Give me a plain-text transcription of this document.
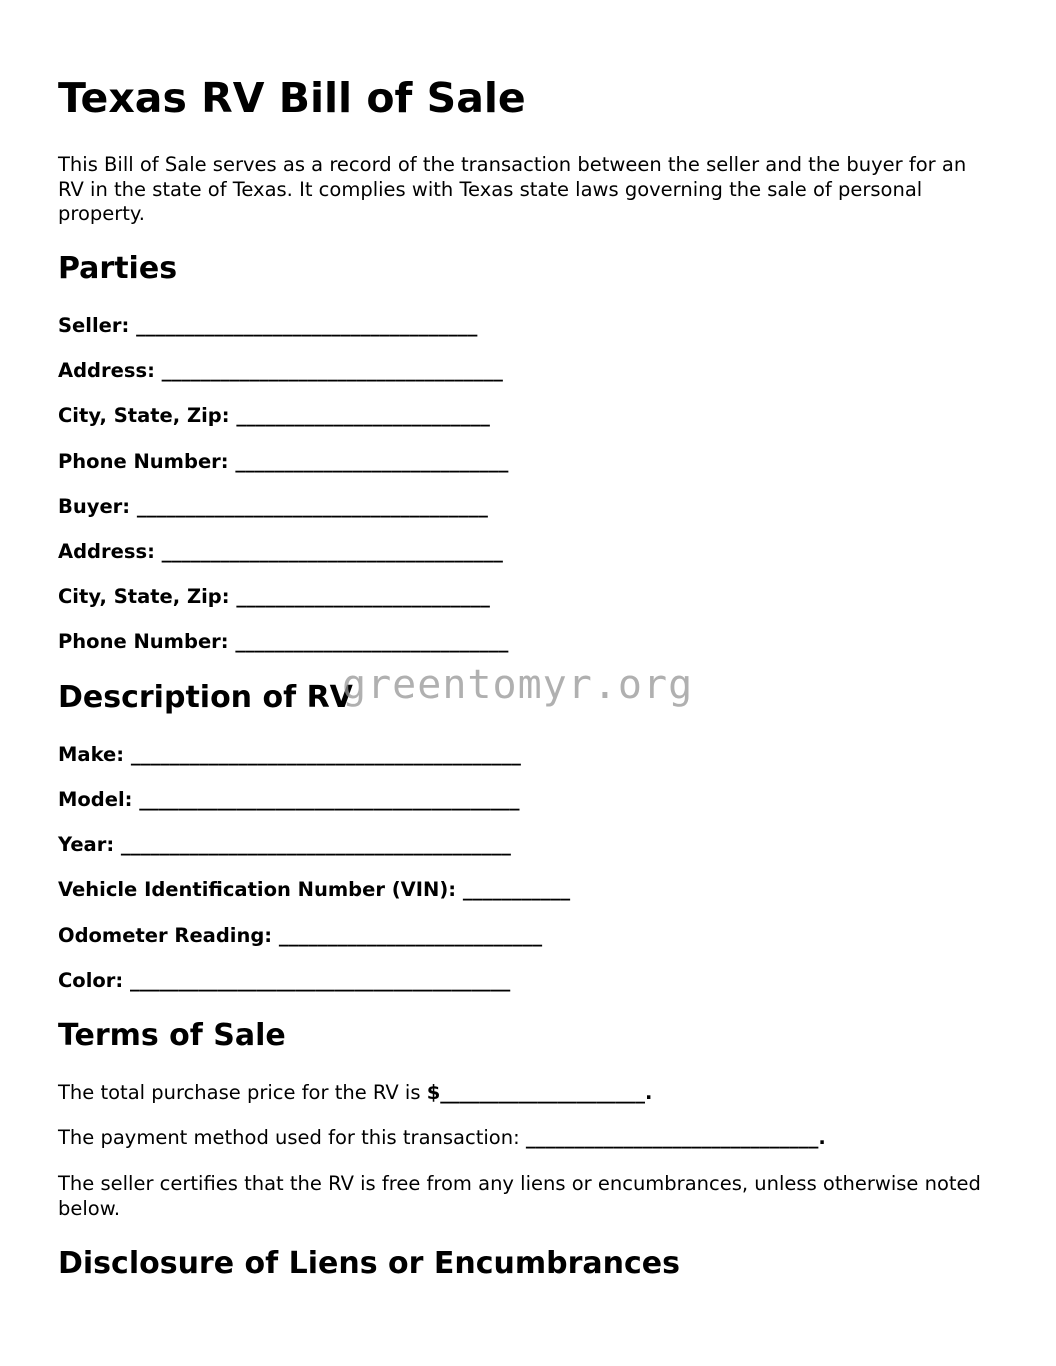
Texas RV Bill of Sale

This Bill of Sale serves as a record of the transaction between the seller and the buyer for an RV in the state of Texas. It complies with Texas state laws governing the sale of personal property.

Parties

Seller: ___________________________________

Address: ___________________________________

City, State, Zip: __________________________

Phone Number: ____________________________

Buyer: ____________________________________

Address: ___________________________________

City, State, Zip: __________________________

Phone Number: ____________________________

Description of RV

Make: ________________________________________

Model: _______________________________________

Year: ________________________________________

Vehicle Identification Number (VIN): ___________

Odometer Reading: ___________________________

Color: _______________________________________

Terms of Sale

The total purchase price for the RV is $_____________________.

The payment method used for this transaction: ______________________________.

The seller certifies that the RV is free from any liens or encumbrances, unless otherwise noted below.

Disclosure of Liens or Encumbrances
greentomyr.org
